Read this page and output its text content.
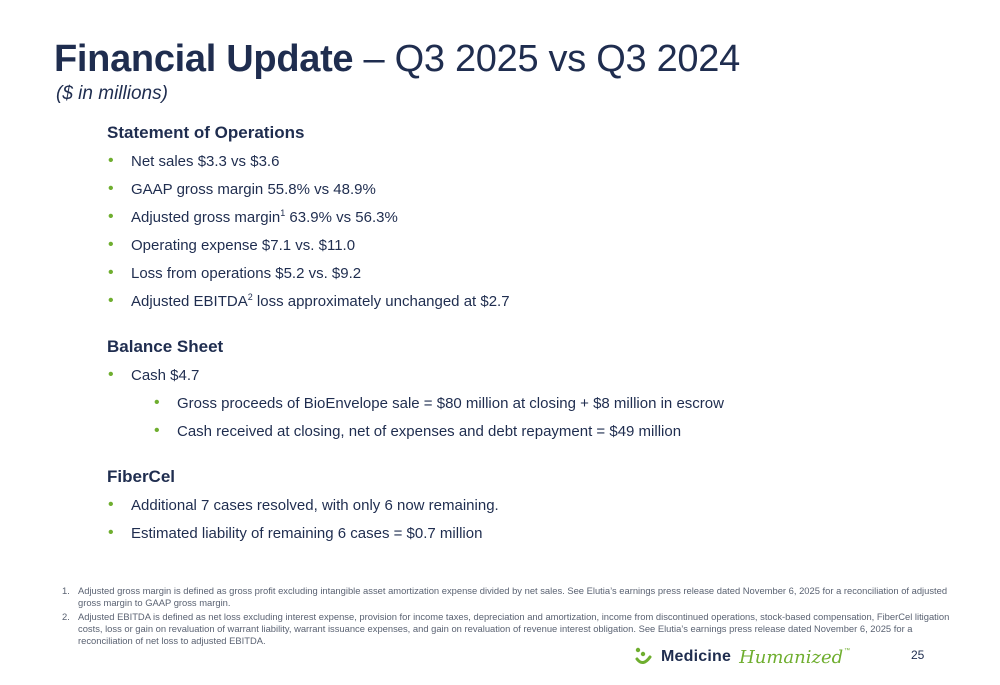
Financial Update – Q3 2025 vs Q3 2024
($ in millions)
Statement of Operations
• Net sales $3.3 vs $3.6
• GAAP gross margin 55.8% vs 48.9%
• Adjusted gross margin$^1$ 63.9% vs 56.3%
• Operating expense $7.1 vs. $11.0
• Loss from operations $5.2 vs. $9.2
• Adjusted EBITDA$^2$ loss approximately unchanged at $2.7
Balance Sheet
• Cash $4.7
• Gross proceeds of BioEnvelope sale = $80 million at closing + $8 million in escrow
• Cash received at closing, net of expenses and debt repayment = $49 million
FiberCel
• Additional 7 cases resolved, with only 6 now remaining.
• Estimated liability of remaining 6 cases = $0.7 million
1. Adjusted gross margin is defined as gross profit excluding intangible asset amortization expense divided by net sales. See Elutia’s earnings press release dated November 6, 2025 for a reconciliation of adjusted gross margin to GAAP gross margin.
2. Adjusted EBITDA is defined as net loss excluding interest expense, provision for income taxes, depreciation and amortization, income from discontinued operations, stock-based compensation, FiberCel litigation costs, loss or gain on revaluation of warrant liability, warrant issuance expenses, and gain on revaluation of revenue interest obligation. See Elutia’s earnings press release dated November 6, 2025 for a reconciliation of net loss to adjusted EBITDA.
Medicine Humanized ™	25
